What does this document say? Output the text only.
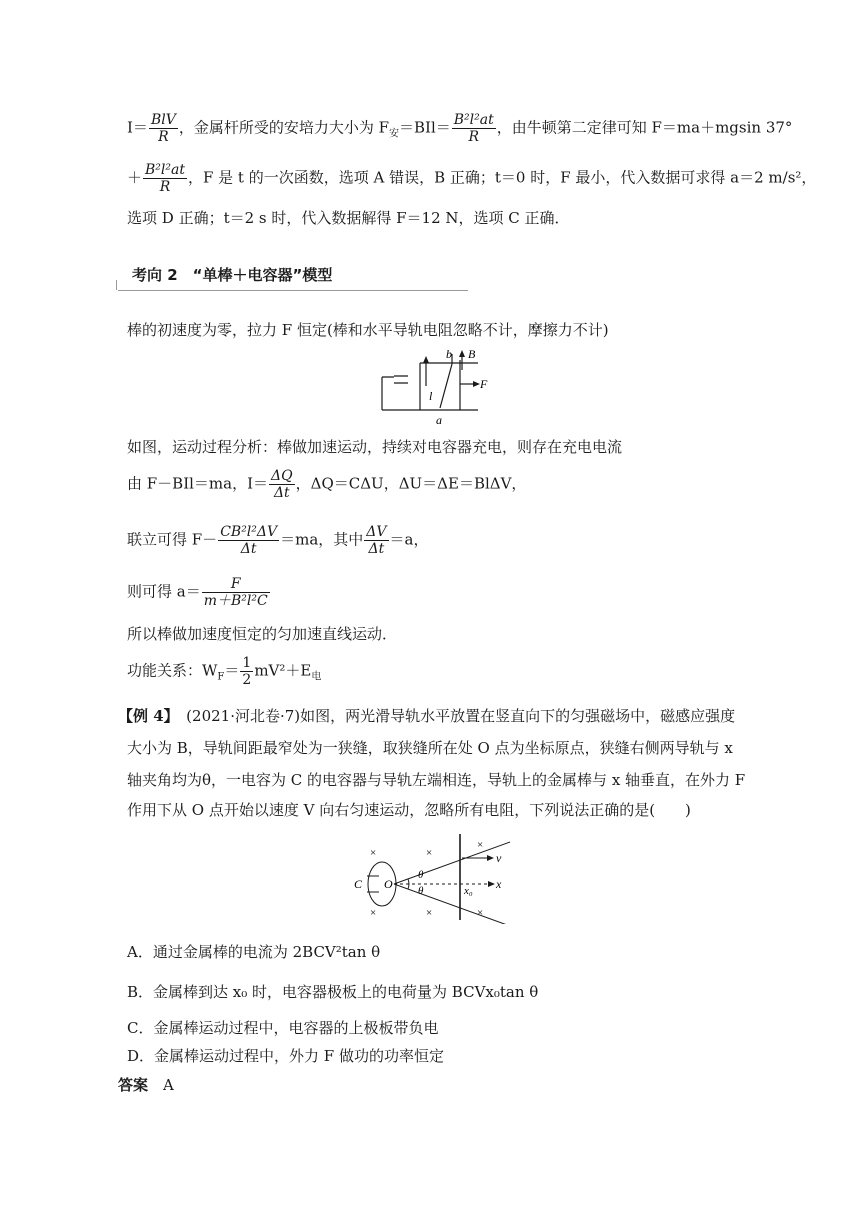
$I= \frac{\text{BlV}}{R}$ ，金属杆所受的安培力大小为 $F_安=BIl= \frac{\text{B²l²at}}{R}$ ，由牛顿第二定律可知 F＝ma＋mgsin 37°
＋ $\frac{\text{B²l²at}}{R}$ ，F 是 t 的一次函数，选项 A 错误，B 正确；t＝0 时，F 最小，代入数据可求得 a＝2 m/s²，
选项 D 正确；t＝2 s 时，代入数据解得 F＝12 N，选项 C 正确．
考向 2　“单棒＋电容器”模型
棒的初速度为零，拉力 F 恒定(棒和水平导轨电阻忽略不计，摩擦力不计)
b B
F
l
a
如图，运动过程分析：棒做加速运动，持续对电容器充电，则存在充电电流
由 F－BIl＝ma，$I= \frac{\Delta Q}{\Delta t}$ ，ΔQ＝CΔU，ΔU＝ΔE＝BlΔV，
联立可得 $F- \frac{\text{CB²l²ΔV}}{\Delta t} =ma$，其中 $\frac{\Delta V}{\Delta t} =a$，
则可得 $a= \frac{F}{\text{m＋B²l²C}}$
所以棒做加速度恒定的匀加速直线运动．
功能关系：$W_F= \frac{1}{2} mV^2+E_电$
【例 4】　(2021·河北卷·7)如图，两光滑导轨水平放置在竖直向下的匀强磁场中，磁感应强度
大小为 B，导轨间距最窄处为一狭缝，取狭缝所在处 O 点为坐标原点，狭缝右侧两导轨与 x
轴夹角均为θ，一电容为 C 的电容器与导轨左端相连，导轨上的金属棒与 x 轴垂直，在外力 F
作用下从 O 点开始以速度 V 向右匀速运动，忽略所有电阻，下列说法正确的是(　　)
C O
θ
θ	x₀ x
v
×	×
×
×	×	×
A．通过金属棒的电流为 2BCV²tan θ
B．金属棒到达 x₀ 时，电容器极板上的电荷量为 BCVx₀tan θ
C．金属棒运动过程中，电容器的上极板带负电
D．金属棒运动过程中，外力 F 做功的功率恒定
答案　 A
